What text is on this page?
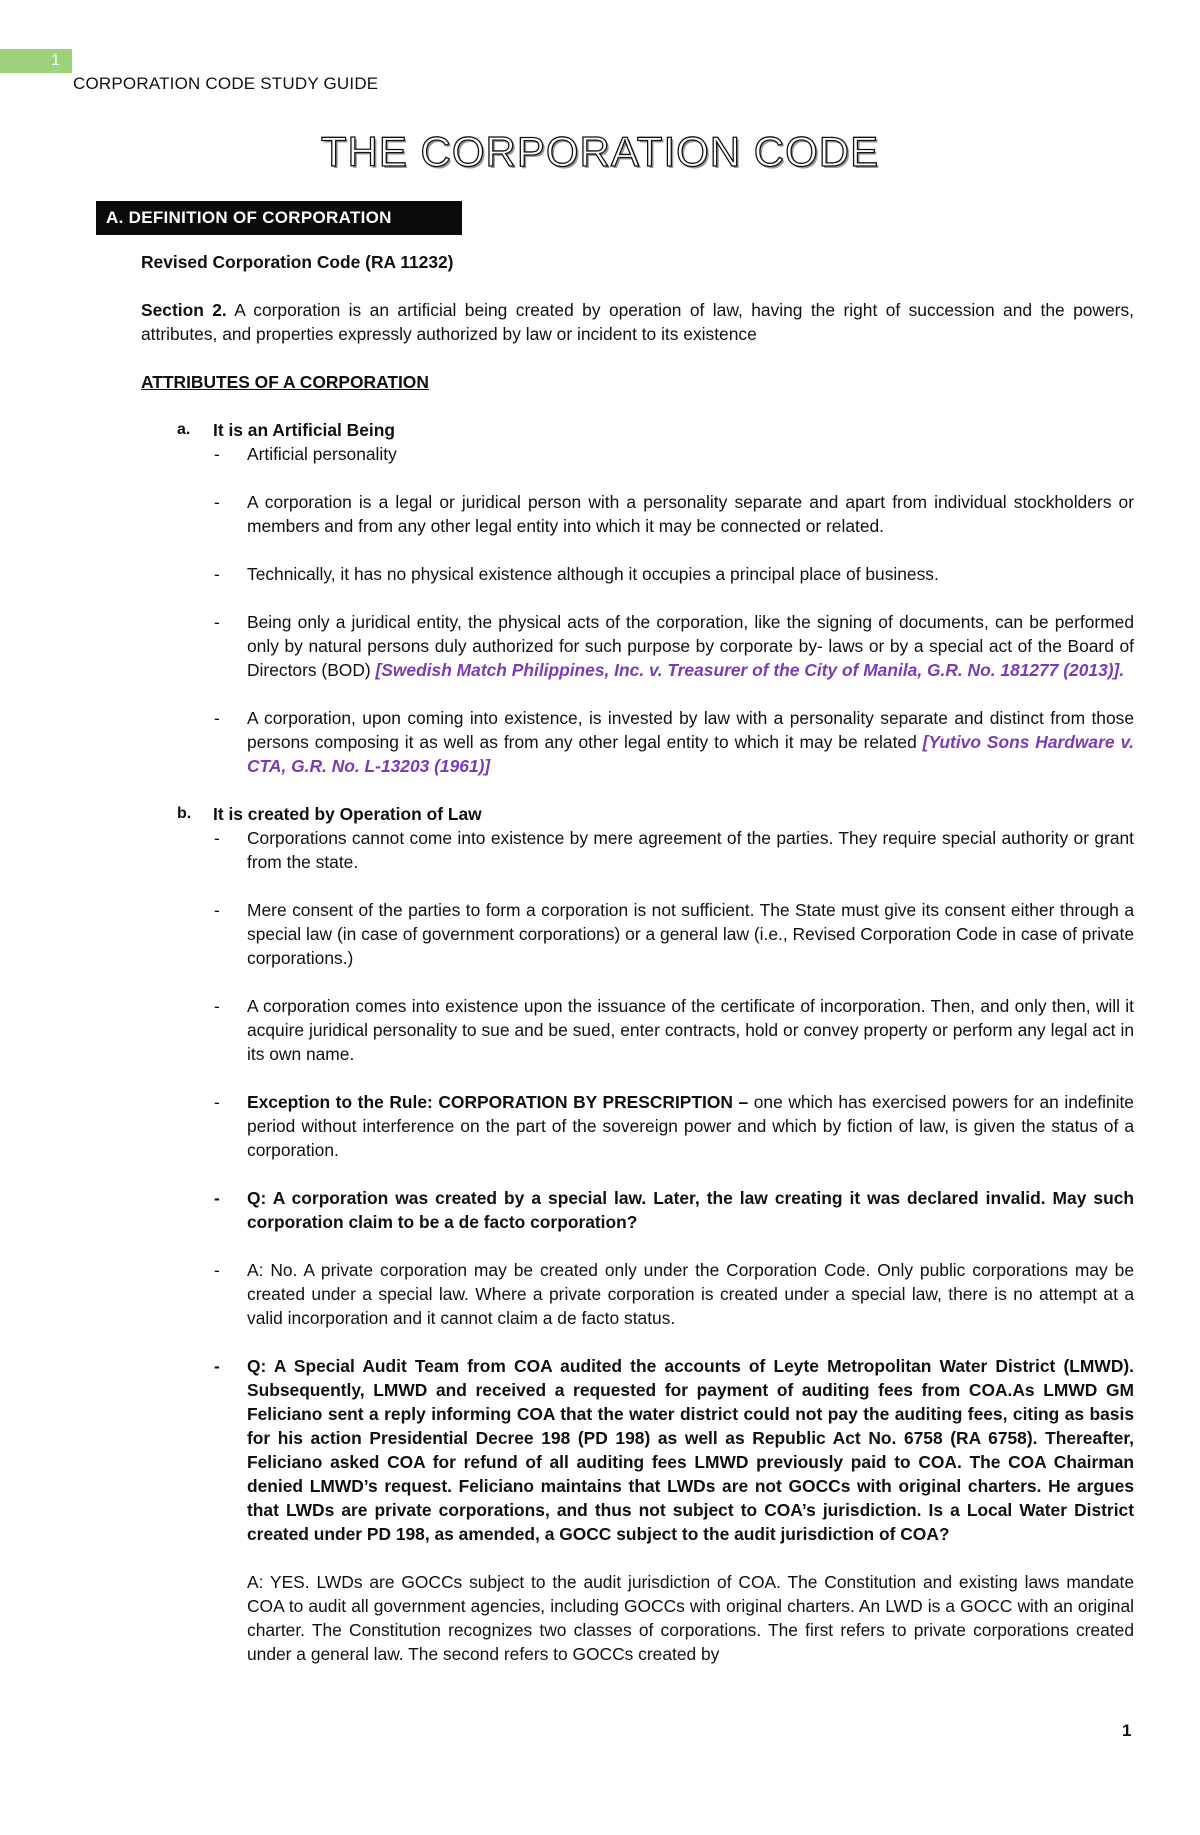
1
CORPORATION CODE STUDY GUIDE
THE CORPORATION CODE
A. DEFINITION OF CORPORATION

Revised Corporation Code (RA 11232)

Section 2. A corporation is an artificial being created by operation of law, having the right of succession and the powers, attributes, and properties expressly authorized by law or incident to its existence

ATTRIBUTES OF A CORPORATION

a. It is an Artificial Being

- Artificial personality
- A corporation is a legal or juridical person with a personality separate and apart from individual stockholders or members and from any other legal entity into which it may be connected or related.
- Technically, it has no physical existence although it occupies a principal place of business.
- Being only a juridical entity, the physical acts of the corporation, like the signing of documents, can be performed only by natural persons duly authorized for such purpose by corporate by- laws or by a special act of the Board of Directors (BOD) [Swedish Match Philippines, Inc. v. Treasurer of the City of Manila, G.R. No. 181277 (2013)].
- A corporation, upon coming into existence, is invested by law with a personality separate and distinct from those persons composing it as well as from any other legal entity to which it may be related [Yutivo Sons Hardware v. CTA, G.R. No. L-13203 (1961)]

b. It is created by Operation of Law

- Corporations cannot come into existence by mere agreement of the parties. They require special authority or grant from the state.
- Mere consent of the parties to form a corporation is not sufficient. The State must give its consent either through a special law (in case of government corporations) or a general law (i.e., Revised Corporation Code in case of private corporations.)
- A corporation comes into existence upon the issuance of the certificate of incorporation. Then, and only then, will it acquire juridical personality to sue and be sued, enter contracts, hold or convey property or perform any legal act in its own name.
- Exception to the Rule: CORPORATION BY PRESCRIPTION – one which has exercised powers for an indefinite period without interference on the part of the sovereign power and which by fiction of law, is given the status of a corporation.
- Q: A corporation was created by a special law. Later, the law creating it was declared invalid. May such corporation claim to be a de facto corporation?
- A: No. A private corporation may be created only under the Corporation Code. Only public corporations may be created under a special law. Where a private corporation is created under a special law, there is no attempt at a valid incorporation and it cannot claim a de facto status.
- Q: A Special Audit Team from COA audited the accounts of Leyte Metropolitan Water District (LMWD). Subsequently, LMWD and received a requested for payment of auditing fees from COA.As LMWD GM Feliciano sent a reply informing COA that the water district could not pay the auditing fees, citing as basis for his action Presidential Decree 198 (PD 198) as well as Republic Act No. 6758 (RA 6758). Thereafter, Feliciano asked COA for refund of all auditing fees LMWD previously paid to COA. The COA Chairman denied LMWD’s request. Feliciano maintains that LWDs are not GOCCs with original charters. He argues that LWDs are private corporations, and thus not subject to COA’s jurisdiction. Is a Local Water District created under PD 198, as amended, a GOCC subject to the audit jurisdiction of COA?

A: YES. LWDs are GOCCs subject to the audit jurisdiction of COA. The Constitution and existing laws mandate COA to audit all government agencies, including GOCCs with original charters. An LWD is a GOCC with an original charter. The Constitution recognizes two classes of corporations. The first refers to private corporations created under a general law. The second refers to GOCCs created by

1
